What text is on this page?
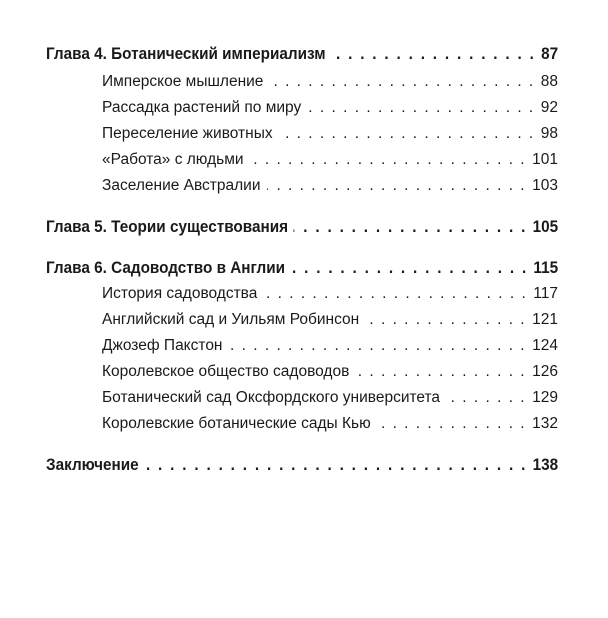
Глава 4. Ботанический империализм . . .	87
Имперское мышление . . .	88
Рассадка растений по миру . . .	92
Переселение животных . . .	98
«Работа» с людьми . . .	101
Заселение Австралии . . .	103
Глава 5. Теории существования . . .	105
Глава 6. Садоводство в Англии . . .	115
История садоводства . . .	117
Английский сад и Уильям Робинсон . . .	121
Джозеф Пакстон . . .	124
Королевское общество садоводов . . .	126
Ботанический сад Оксфордского университета . . .	129
Королевские ботанические сады Кью . . .	132
Заключение . . .	138
